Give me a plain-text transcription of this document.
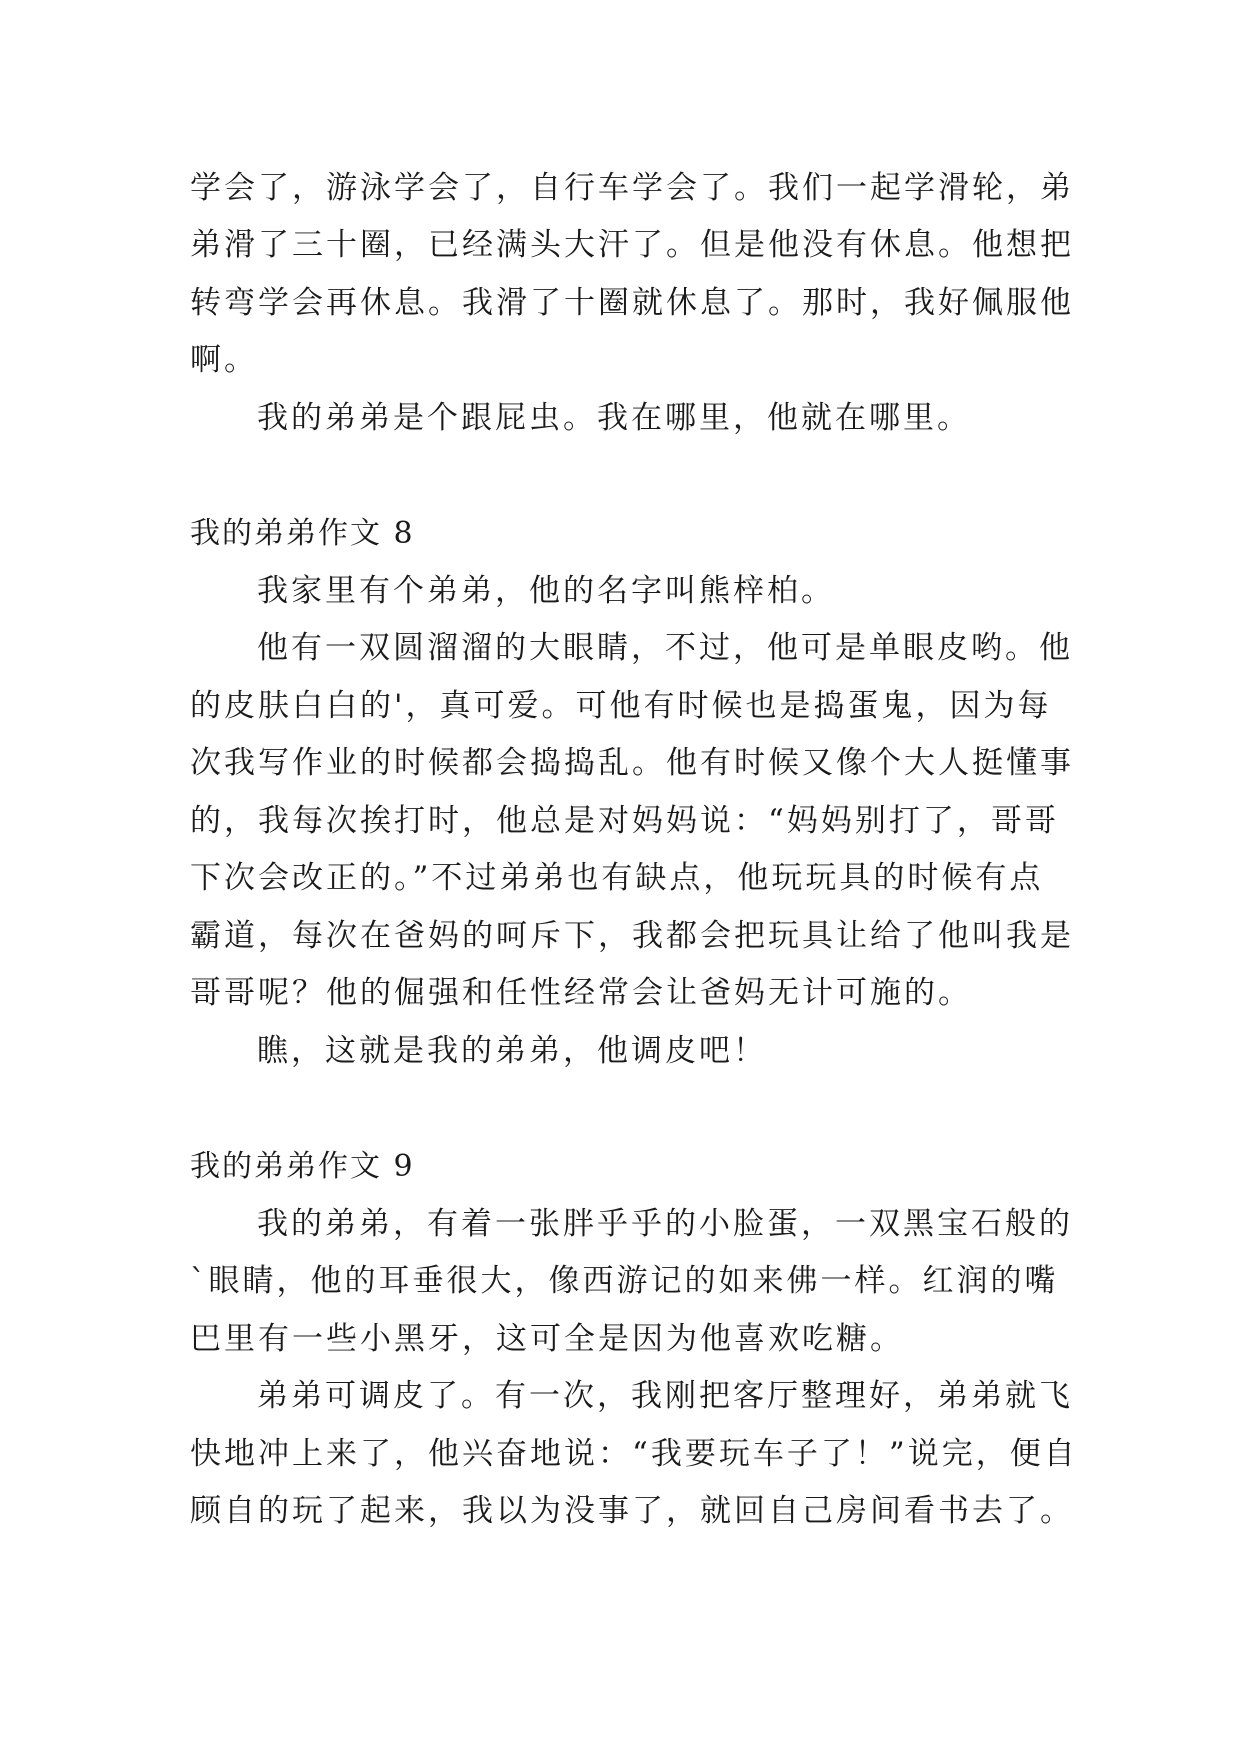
学会了，游泳学会了，自行车学会了。我们一起学滑轮，弟
弟滑了三十圈，已经满头大汗了。但是他没有休息。他想把
转弯学会再休息。我滑了十圈就休息了。那时，我好佩服他
啊。
我的弟弟是个跟屁虫。我在哪里，他就在哪里。
我的弟弟作文 8
我家里有个弟弟，他的名字叫熊梓柏。
他有一双圆溜溜的大眼睛，不过，他可是单眼皮哟。他
的皮肤白白的'，真可爱。可他有时候也是捣蛋鬼，因为每
次我写作业的时候都会捣捣乱。他有时候又像个大人挺懂事
的，我每次挨打时，他总是对妈妈说：“妈妈别打了，哥哥
下次会改正的。”不过弟弟也有缺点，他玩玩具的时候有点
霸道，每次在爸妈的呵斥下，我都会把玩具让给了他叫我是
哥哥呢？他的倔强和任性经常会让爸妈无计可施的。
瞧，这就是我的弟弟，他调皮吧！
我的弟弟作文 9
我的弟弟，有着一张胖乎乎的小脸蛋，一双黑宝石般的
`眼睛，他的耳垂很大，像西游记的如来佛一样。红润的嘴
巴里有一些小黑牙，这可全是因为他喜欢吃糖。
弟弟可调皮了。有一次，我刚把客厅整理好，弟弟就飞
快地冲上来了，他兴奋地说：“我要玩车子了！”说完，便自
顾自的玩了起来，我以为没事了，就回自己房间看书去了。
